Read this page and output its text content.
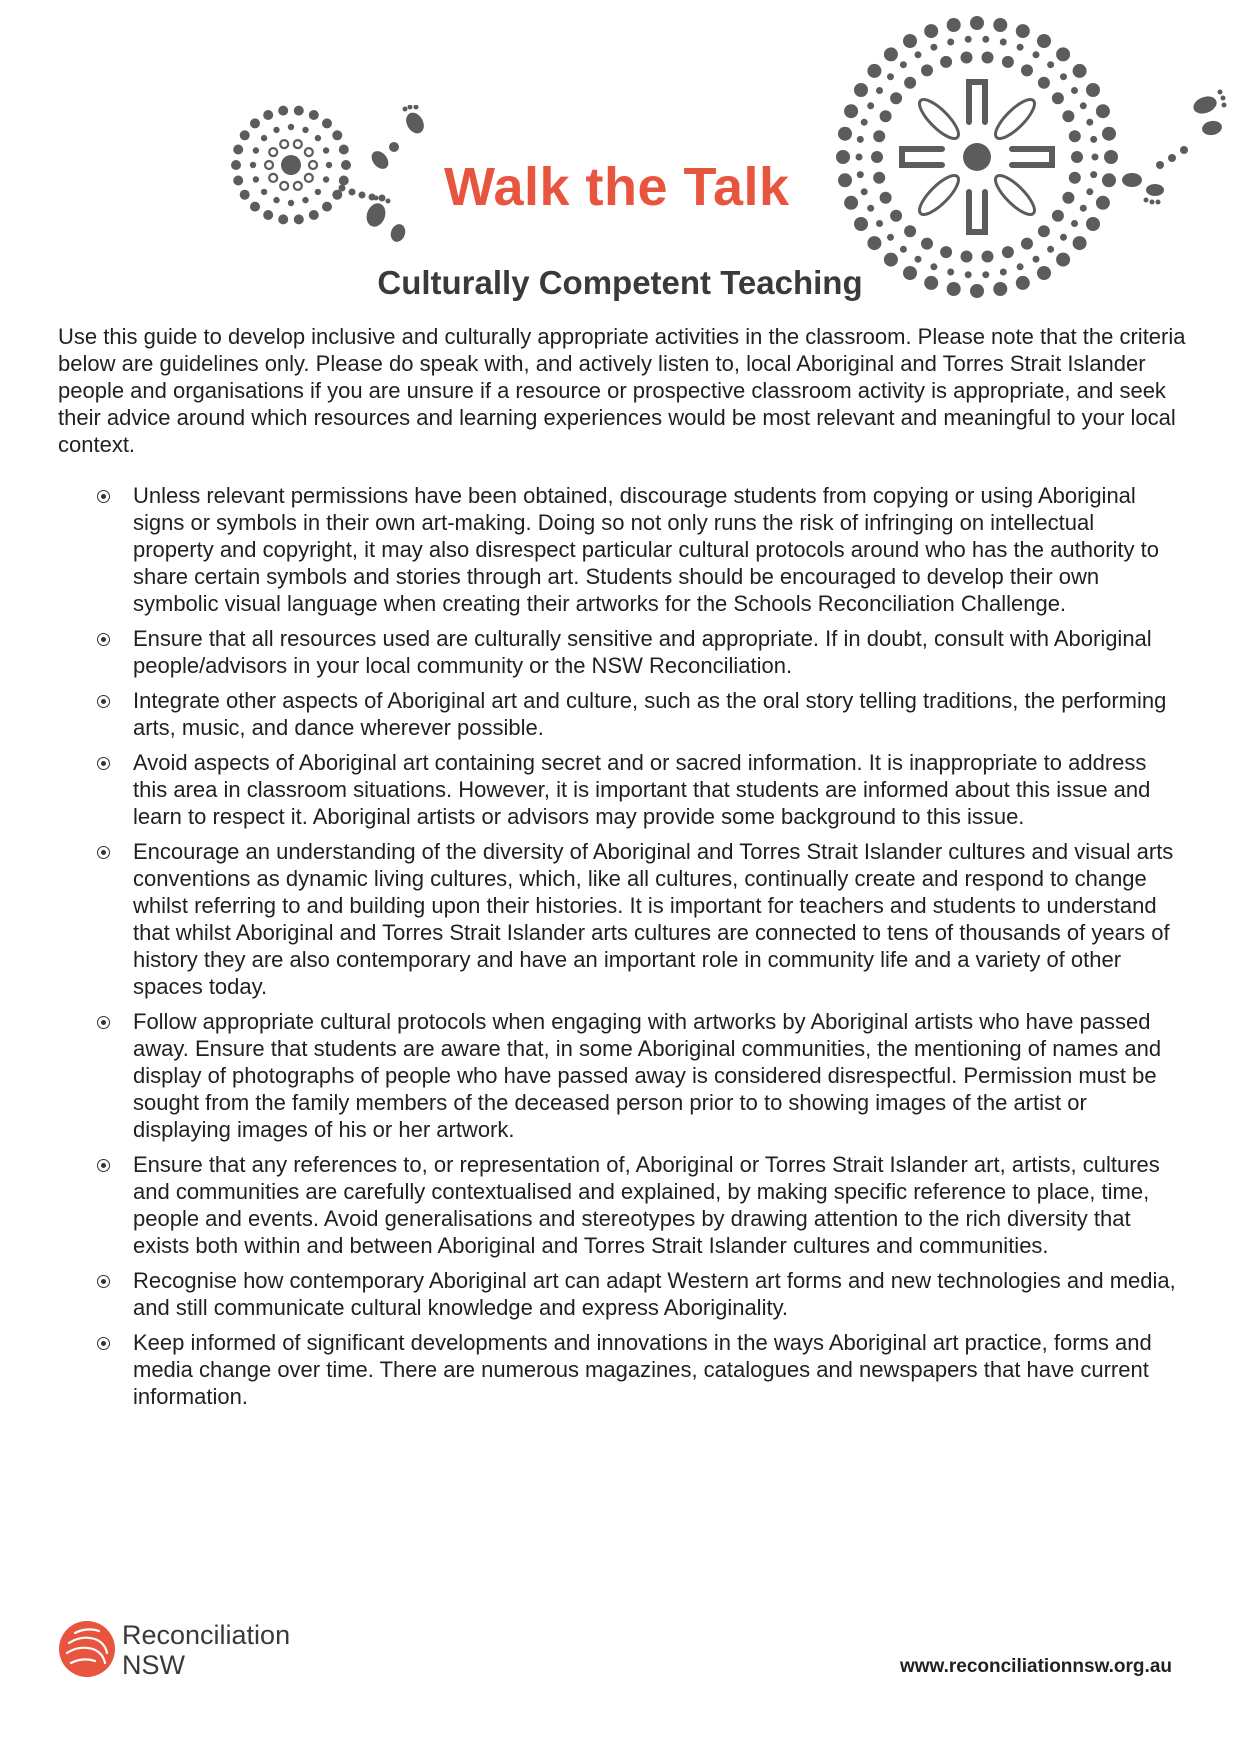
Walk the Talk
Culturally Competent Teaching

Use this guide to develop inclusive and culturally appropriate activities in the classroom. Please note that the criteria below are guidelines only. Please do speak with, and actively listen to, local Aboriginal and Torres Strait Islander people and organisations if you are unsure if a resource or prospective classroom activity is appropriate, and seek their advice around which resources and learning experiences would be most relevant and meaningful to your local context.

Unless relevant permissions have been obtained, discourage students from copying or using Aboriginal signs or symbols in their own art-making. Doing so not only runs the risk of infringing on intellectual property and copyright, it may also disrespect particular cultural protocols around who has the authority to share certain symbols and stories through art. Students should be encouraged to develop their own symbolic visual language when creating their artworks for the Schools Reconciliation Challenge.
Ensure that all resources used are culturally sensitive and appropriate. If in doubt, consult with Aboriginal people/advisors in your local community or the NSW Reconciliation.
Integrate other aspects of Aboriginal art and culture, such as the oral story telling traditions, the performing arts, music, and dance wherever possible.
Avoid aspects of Aboriginal art containing secret and or sacred information. It is inappropriate to address this area in classroom situations. However, it is important that students are informed about this issue and learn to respect it. Aboriginal artists or advisors may provide some background to this issue.
Encourage an understanding of the diversity of Aboriginal and Torres Strait Islander cultures and visual arts conventions as dynamic living cultures, which, like all cultures, continually create and respond to change whilst referring to and building upon their histories. It is important for teachers and students to understand that whilst Aboriginal and Torres Strait Islander arts cultures are connected to tens of thousands of years of history they are also contemporary and have an important role in community life and a variety of other spaces today.
Follow appropriate cultural protocols when engaging with artworks by Aboriginal artists who have passed away. Ensure that students are aware that, in some Aboriginal communities, the mentioning of names and display of photographs of people who have passed away is considered disrespectful. Permission must be sought from the family members of the deceased person prior to to showing images of the artist or displaying images of his or her artwork.
Ensure that any references to, or representation of, Aboriginal or Torres Strait Islander art, artists, cultures and communities are carefully contextualised and explained, by making specific reference to place, time, people and events. Avoid generalisations and stereotypes by drawing attention to the rich diversity that exists both within and between Aboriginal and Torres Strait Islander cultures and communities.
Recognise how contemporary Aboriginal art can adapt Western art forms and new technologies and media, and still communicate cultural knowledge and express Aboriginality.
Keep informed of significant developments and innovations in the ways Aboriginal art practice, forms and media change over time. There are numerous magazines, catalogues and newspapers that have current information.
Reconciliation
NSW	www.reconciliationnsw.org.au
